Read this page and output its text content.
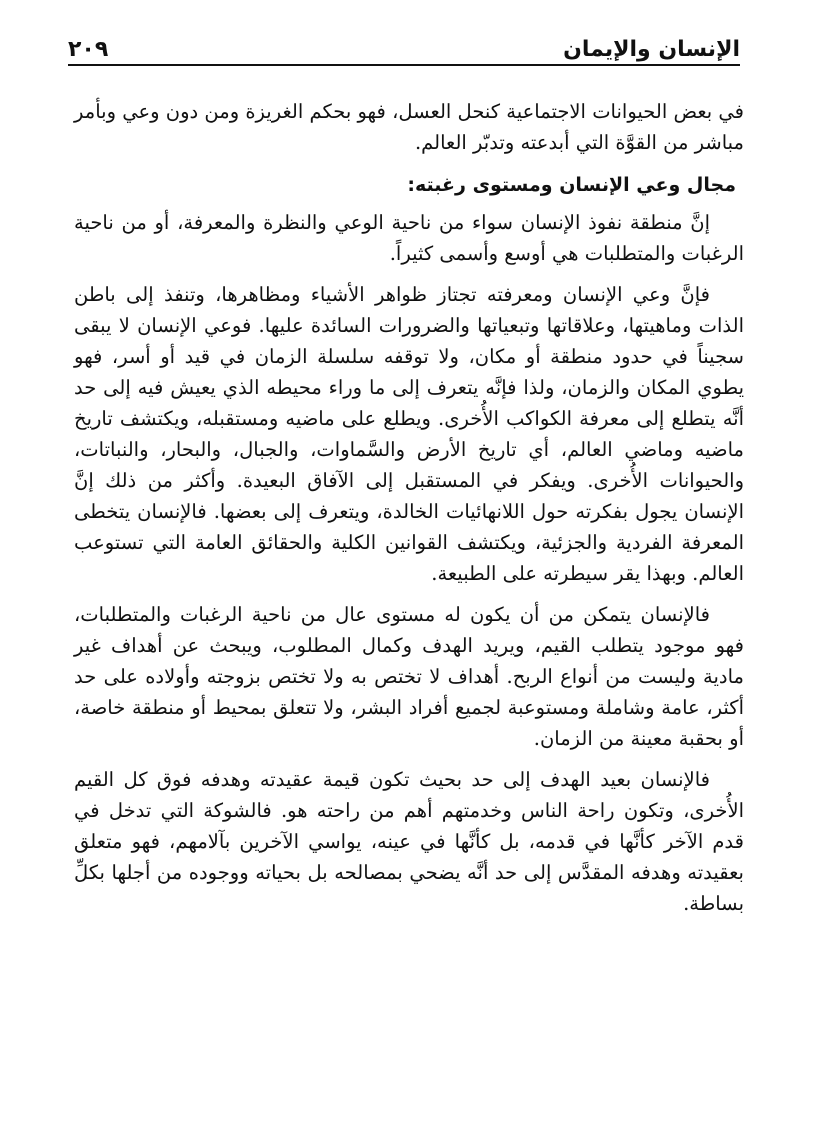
الإنسان والإيمان
٢٠٩

في بعض الحيوانات الاجتماعية كنحل العسل، فهو بحكم الغريزة ومن دون وعي وبأمر مباشر من القوَّة التي أبدعته وتدبّر العالم.

مجال وعي الإنسان ومستوى رغبته:

إنَّ منطقة نفوذ الإنسان سواء من ناحية الوعي والنظرة والمعرفة، أو من ناحية الرغبات والمتطلبات هي أوسع وأسمى كثيراً.

فإنَّ وعي الإنسان ومعرفته تجتاز ظواهر الأشياء ومظاهرها، وتنفذ إلى باطن الذات وماهيتها، وعلاقاتها وتبعياتها والضرورات السائدة عليها. فوعي الإنسان لا يبقى سجيناً في حدود منطقة أو مكان، ولا توقفه سلسلة الزمان في قيد أو أسر، فهو يطوي المكان والزمان، ولذا فإنَّه يتعرف إلى ما وراء محيطه الذي يعيش فيه إلى حد أنَّه يتطلع إلى معرفة الكواكب الأُخرى. ويطلع على ماضيه ومستقبله، ويكتشف تاريخ ماضيه وماضي العالم، أي تاريخ الأرض والسَّماوات، والجبال، والبحار، والنباتات، والحيوانات الأُخرى. ويفكر في المستقبل إلى الآفاق البعيدة. وأكثر من ذلك إنَّ الإنسان يجول بفكرته حول اللانهائيات الخالدة، ويتعرف إلى بعضها. فالإنسان يتخطى المعرفة الفردية والجزئية، ويكتشف القوانين الكلية والحقائق العامة التي تستوعب العالم. وبهذا يقر سيطرته على الطبيعة.

فالإنسان يتمكن من أن يكون له مستوى عال من ناحية الرغبات والمتطلبات، فهو موجود يتطلب القيم، ويريد الهدف وكمال المطلوب، ويبحث عن أهداف غير مادية وليست من أنواع الربح. أهداف لا تختص به ولا تختص بزوجته وأولاده على حد أكثر، عامة وشاملة ومستوعبة لجميع أفراد البشر، ولا تتعلق بمحيط أو منطقة خاصة، أو بحقبة معينة من الزمان.

فالإنسان بعيد الهدف إلى حد بحيث تكون قيمة عقيدته وهدفه فوق كل القيم الأُخرى، وتكون راحة الناس وخدمتهم أهم من راحته هو. فالشوكة التي تدخل في قدم الآخر كأنَّها في قدمه، بل كأنَّها في عينه، يواسي الآخرين بآلامهم، فهو متعلق بعقيدته وهدفه المقدَّس إلى حد أنَّه يضحي بمصالحه بل بحياته ووجوده من أجلها بكلِّ بساطة.
